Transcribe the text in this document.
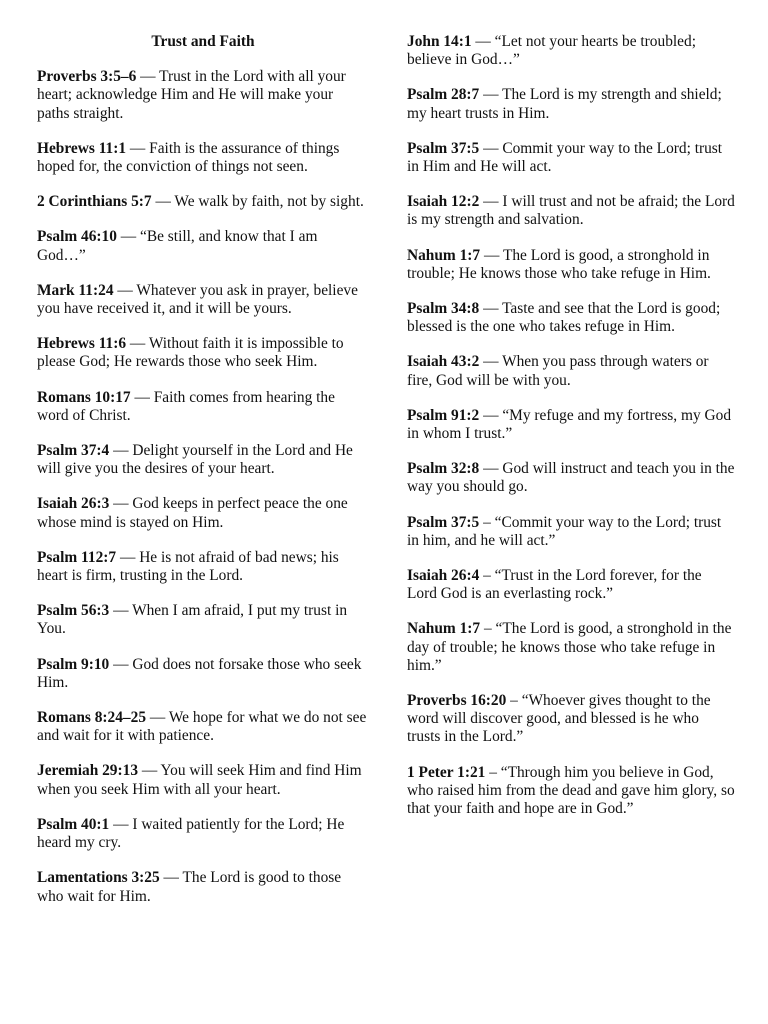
Trust and Faith
Proverbs 3:5–6 — Trust in the Lord with all your heart; acknowledge Him and He will make your paths straight.
Hebrews 11:1 — Faith is the assurance of things hoped for, the conviction of things not seen.
2 Corinthians 5:7 — We walk by faith, not by sight.
Psalm 46:10 — “Be still, and know that I am God…”
Mark 11:24 — Whatever you ask in prayer, believe you have received it, and it will be yours.
Hebrews 11:6 — Without faith it is impossible to please God; He rewards those who seek Him.
Romans 10:17 — Faith comes from hearing the word of Christ.
Psalm 37:4 — Delight yourself in the Lord and He will give you the desires of your heart.
Isaiah 26:3 — God keeps in perfect peace the one whose mind is stayed on Him.
Psalm 112:7 — He is not afraid of bad news; his heart is firm, trusting in the Lord.
Psalm 56:3 — When I am afraid, I put my trust in You.
Psalm 9:10 — God does not forsake those who seek Him.
Romans 8:24–25 — We hope for what we do not see and wait for it with patience.
Jeremiah 29:13 — You will seek Him and find Him when you seek Him with all your heart.
Psalm 40:1 — I waited patiently for the Lord; He heard my cry.
Lamentations 3:25 — The Lord is good to those who wait for Him.
John 14:1 — “Let not your hearts be troubled; believe in God…”
Psalm 28:7 — The Lord is my strength and shield; my heart trusts in Him.
Psalm 37:5 — Commit your way to the Lord; trust in Him and He will act.
Isaiah 12:2 — I will trust and not be afraid; the Lord is my strength and salvation.
Nahum 1:7 — The Lord is good, a stronghold in trouble; He knows those who take refuge in Him.
Psalm 34:8 — Taste and see that the Lord is good; blessed is the one who takes refuge in Him.
Isaiah 43:2 — When you pass through waters or fire, God will be with you.
Psalm 91:2 — “My refuge and my fortress, my God in whom I trust.”
Psalm 32:8 — God will instruct and teach you in the way you should go.
Psalm 37:5 – “Commit your way to the Lord; trust in him, and he will act.”
Isaiah 26:4 – “Trust in the Lord forever, for the Lord God is an everlasting rock.”
Nahum 1:7 – “The Lord is good, a stronghold in the day of trouble; he knows those who take refuge in him.”
Proverbs 16:20 – “Whoever gives thought to the word will discover good, and blessed is he who trusts in the Lord.”
1 Peter 1:21 – “Through him you believe in God, who raised him from the dead and gave him glory, so that your faith and hope are in God.”
